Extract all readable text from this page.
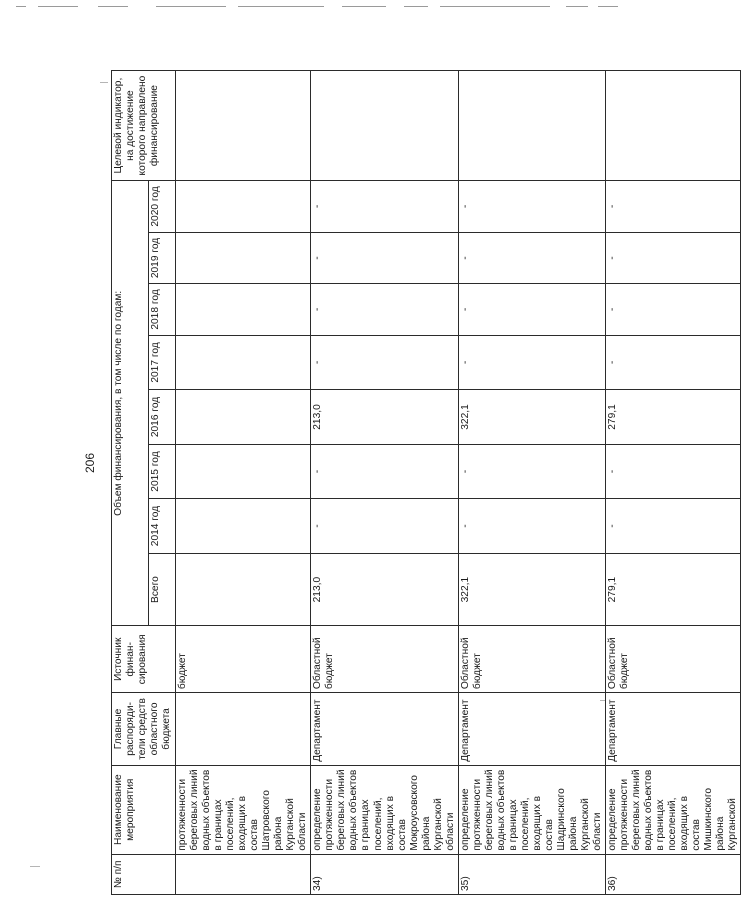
206
№ п/п	Наименование мероприятия	Главные распоряди-тели средств областного бюджета	Источник финан-сирования	Объем финансирования, в том числе по годам:								Целевой индикатор, на достижение которого направлено финансирование
				Всего	2014 год	2015 год	2016 год	2017 год	2018 год	2019 год	2020 год	
	протяженности береговых линий водных объектов в границах поселений, входящих в состав Шатровского района Курганской области		бюджет									
34)	определение протяженности береговых линий водных объектов в границах поселений, входящих в состав Мокроусовского района Курганской области	Департамент	Областной бюджет	213,0	-	-	213,0	-	-	-	-	
35)	определение протяженности береговых линий водных объектов в границах поселений, входящих в состав Шадринского района Курганской области	Департамент	Областной бюджет	322,1	-	-	322,1	-	-	-	-	
36)	определение протяженности береговых линий водных объектов в границах поселений, входящих в состав Мишкинского района Курганской	Департамент	Областной бюджет	279,1	-	-	279,1	-	-	-	-	
